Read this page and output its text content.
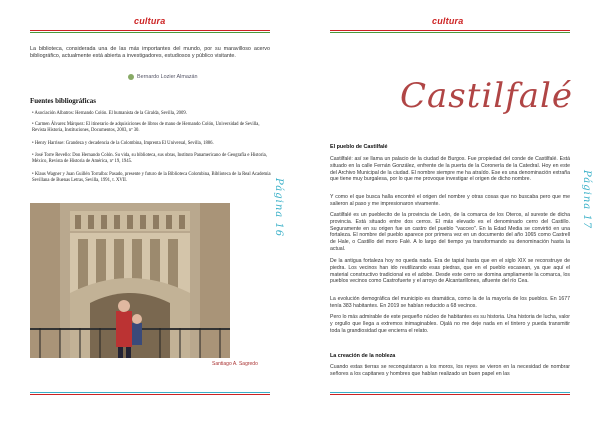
cultura

La biblioteca, considerada una de las más importantes del mundo, por su maravilloso acervo bibliográfico, actualmente está abierta a investigadores, estudiosos y público visitante.

Bernardo Lozier Almazán
Fuentes bibliográficas
• Asociación Albatros: Hernando Colón. El humanista de la Giralda, Sevilla, 2009.
• Carmen Álvarez Márquez: El itinerario de adquisiciones de libros de mano de Hernando Colón, Universidad de Sevilla, Revista Historia, Instituciones, Documentos, 2003, nº 30.
• Henry Harrisse: Grandeza y decadencia de la Colombina, Imprenta El Universal, Sevilla, 1886.
• José Torre Revello: Don Hernando Colón. Su vida, su biblioteca, sus obras, Instituto Panamericano de Geografía e Historia, México, Revista de Historia de América, nº 19, 1945.
• Klaus Wagner y Juan Guillén Torralba: Pasado, presente y futuro de la Biblioteca Colombina, Biblioteca de la Real Academia Sevillana de Buenas Letras, Sevilla, 1991, t. XVII.
Santiago A. Sagredo
Página 16
cultura
Castilfalé
El pueblo de Castilfalé

Castilfalé: así se llama un palacio de la ciudad de Burgos. Fue propiedad del conde de Castilfalé. Está situado en la calle Fernán González, enfrente de la puerta de la Coronería de la Catedral. Hoy en este del Archivo Municipal de la ciudad. El nombre siempre me ha atraído. Ese es una denominación extraña que tiene muy burgalesa, por lo que me provoque investigar el origen de dicho nombre.

Y como el que busca halla encontré el origen del nombre y otras cosas que no buscaba pero que me salieron al paso y me impresionaron vivamente.

Castilfalé es un pueblecito de la provincia de León, de la comarca de los Oteros, al sureste de dicha provincia. Está situado entre dos cerros. El más elevado es el denominado cerro del Castillo. Seguramente en su origen fue un castro del pueblo "vacceo". En la Edad Media se convirtió en una fortaleza. El nombre del pueblo aparece por primera vez en un documento del año 1065 como Castrell de Hale, o Castillo del moro Falé. A lo largo del tiempo ya transformando su denominación hasta la actual.

De la antigua fortaleza hoy no queda nada. Era de tapial hasta que en el siglo XIX se reconstruye de piedra. Los vecinos han ido reutilizando esas piedras, que en el pueblo escasean, ya que aquí el material constructivo tradicional es el adobe. Desde este cerro se domina ampliamente la comarca, los pueblos vecinos como Castrofuerte y el arroyo de Alcantarillones, afluente del río Cea.

La evolución demográfica del municipio es dramática, como la de la mayoría de los pueblos. En 1677 tenía 383 habitantes. En 2019 se habían reducido a 68 vecinos.

Pero lo más admirable de este pequeño núcleo de habitantes es su historia. Una historia de lucha, valor y orgullo que llega a extremos inimaginables. Ojalá no me deje nada en el tintero y pueda transmitir toda la grandiosidad que encierra el relato.

La creación de la nobleza

Cuando estas tierras se reconquistaron a los moros, los reyes se vieron en la necesidad de nombrar señores a los capitanes y hombres que habían realizado un buen papel en las

Página 17
